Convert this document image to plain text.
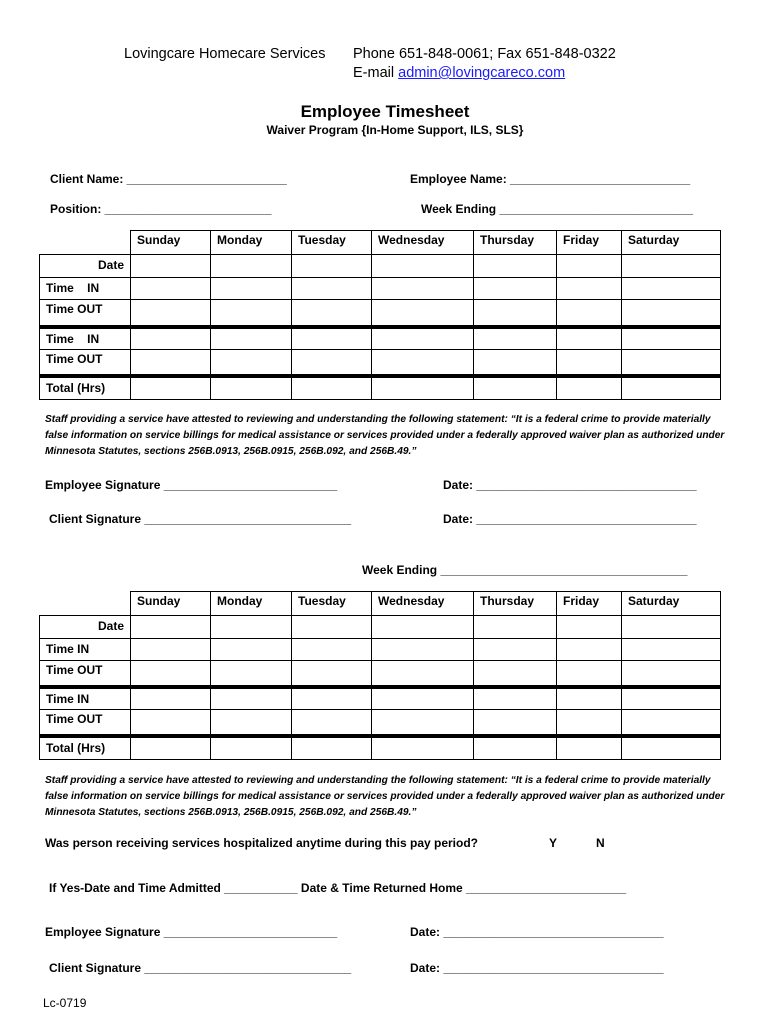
Lovingcare Homecare Services Phone 651-848-0061; Fax 651-848-0322
E-mail admin@lovingcareco.com
Employee Timesheet
Waiver Program {In-Home Support, ILS, SLS}
Client Name: ________________________	Employee Name: ___________________________
Position: _________________________	Week Ending _____________________________
	Sunday	Monday	Tuesday	Wednesday	Thursday	Friday	Saturday
Date							
Time    IN							
Time OUT							
Time    IN							
Time OUT							
Total (Hrs)							
Staff providing a service have attested to reviewing and understanding the following statement: “It is a federal crime to provide materially false information on service billings for medical assistance or services provided under a federally approved waiver plan as authorized under Minnesota Statutes, sections 256B.0913, 256B.0915, 256B.092, and 256B.49.”
Employee Signature __________________________	Date: _________________________________
Client Signature _______________________________	Date: _________________________________
Week Ending _____________________________________
	Sunday	Monday	Tuesday	Wednesday	Thursday	Friday	Saturday
Date							
Time IN							
Time OUT							
Time IN							
Time OUT							
Total (Hrs)							
Staff providing a service have attested to reviewing and understanding the following statement: “It is a federal crime to provide materially false information on service billings for medical assistance or services provided under a federally approved waiver plan as authorized under Minnesota Statutes, sections 256B.0913, 256B.0915, 256B.092, and 256B.49.”
Was person receiving services hospitalized anytime during this pay period?	Y	N
If Yes-Date and Time Admitted ___________ Date & Time Returned Home ________________________
Employee Signature __________________________	Date: _________________________________
Client Signature _______________________________	Date: _________________________________
Lc-0719
